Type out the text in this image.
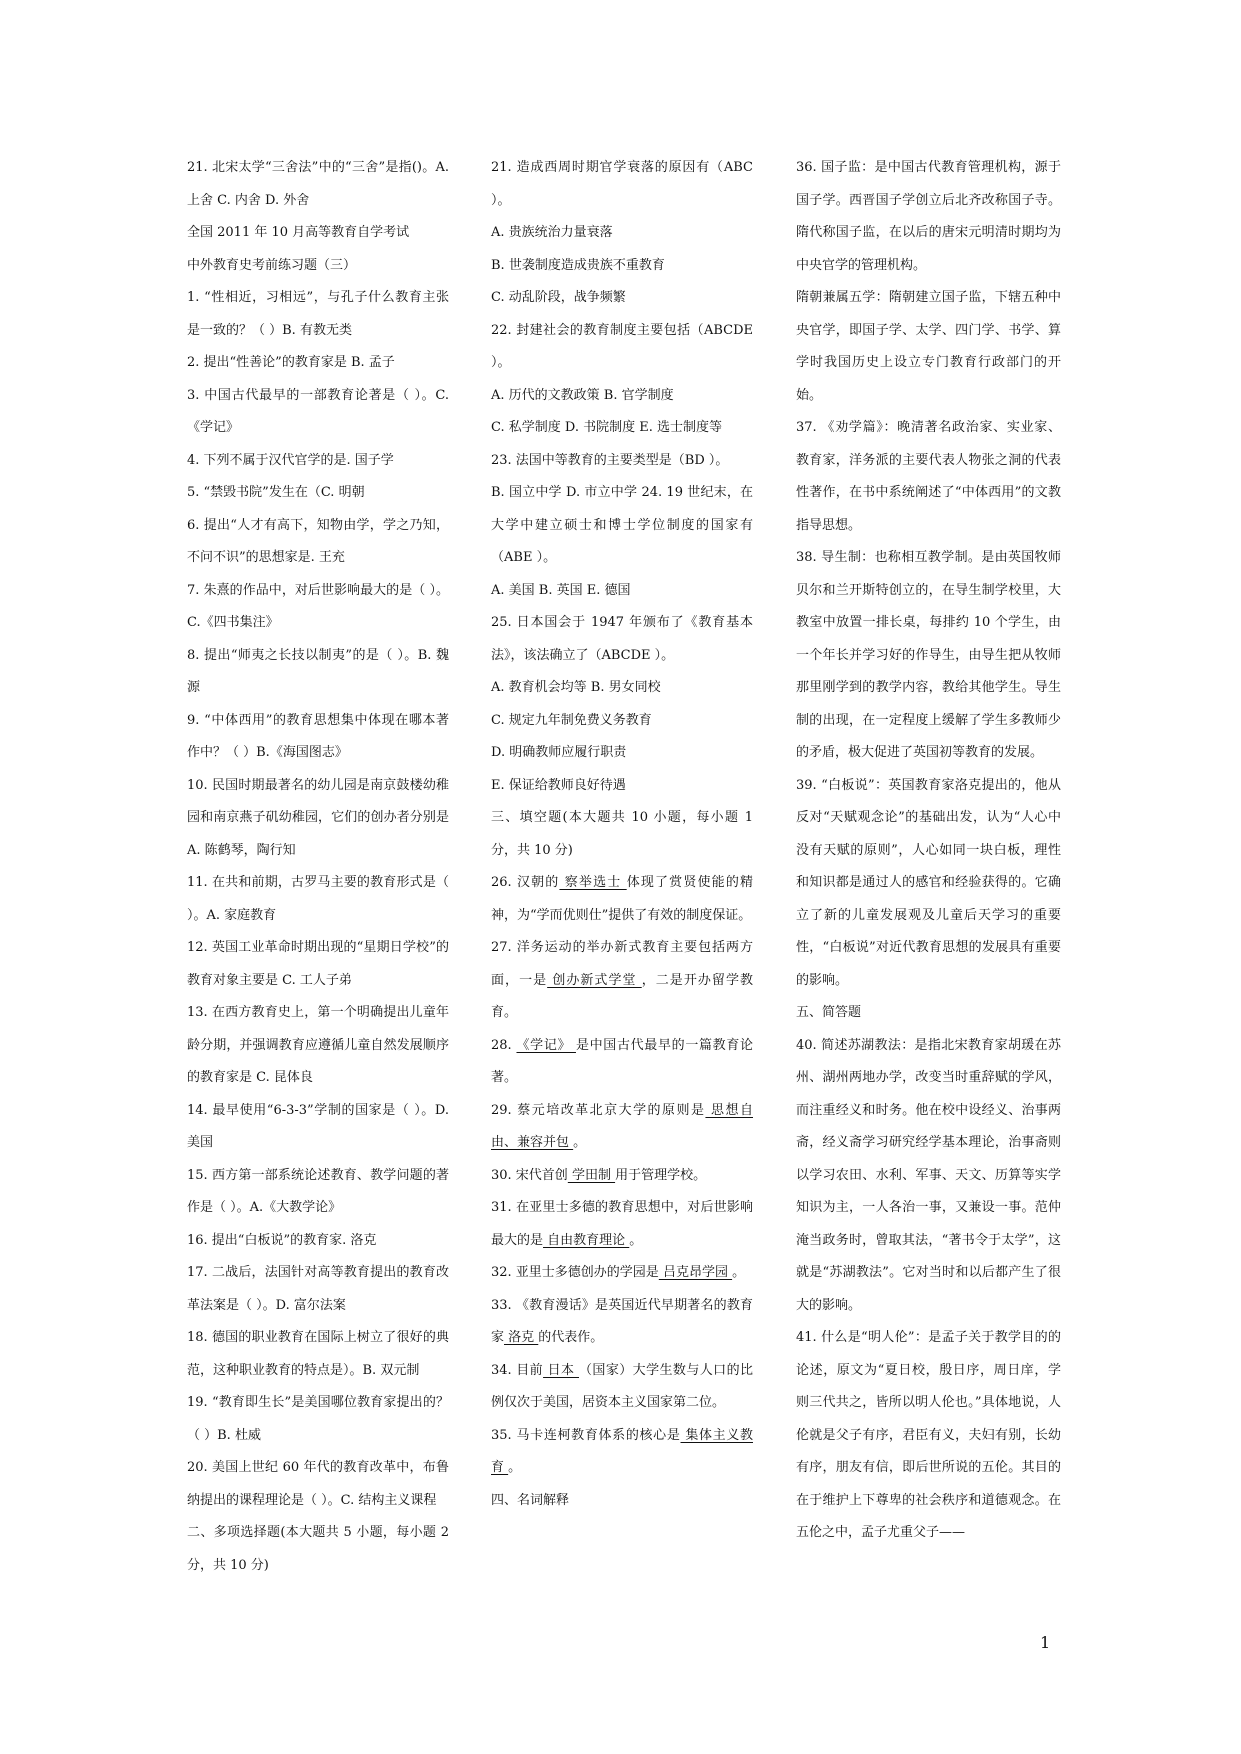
21. 北宋太学“三舍法”中的“三舍”是指()。A. 上舍 C. 内舍 D. 外舍

全国 2011 年 10 月高等教育自学考试

中外教育史考前练习题（三）

1. “性相近，习相远”，与孔子什么教育主张是一致的？（ ）B. 有教无类

2. 提出“性善论”的教育家是 B. 孟子

3. 中国古代最早的一部教育论著是（ ）。C.《学记》

4. 下列不属于汉代官学的是. 国子学

5. “禁毁书院”发生在（C. 明朝

6. 提出“人才有高下，知物由学，学之乃知，不问不识”的思想家是. 王充

7. 朱熹的作品中，对后世影响最大的是（ ）。C.《四书集注》

8. 提出“师夷之长技以制夷”的是（ ）。B. 魏源

9. “中体西用”的教育思想集中体现在哪本著作中？（ ）B.《海国图志》

10. 民国时期最著名的幼儿园是南京鼓楼幼稚园和南京燕子矶幼稚园，它们的创办者分别是 A. 陈鹤琴，陶行知

11. 在共和前期，古罗马主要的教育形式是（ ）。A. 家庭教育

12. 英国工业革命时期出现的“星期日学校”的教育对象主要是 C. 工人子弟

13. 在西方教育史上，第一个明确提出儿童年龄分期，并强调教育应遵循儿童自然发展顺序的教育家是 C. 昆体良

14. 最早使用“6-3-3”学制的国家是（ ）。D. 美国

15. 西方第一部系统论述教育、教学问题的著作是（ ）。A.《大教学论》

16. 提出“白板说”的教育家. 洛克

17. 二战后，法国针对高等教育提出的教育改革法案是（ ）。D. 富尔法案

18. 德国的职业教育在国际上树立了很好的典范，这种职业教育的特点是）。B. 双元制

19. “教育即生长”是美国哪位教育家提出的？（ ）B. 杜威

20. 美国上世纪 60 年代的教育改革中，布鲁纳提出的课程理论是（ ）。C. 结构主义课程

二、多项选择题(本大题共 5 小题，每小题 2 分，共 10 分)

21. 造成西周时期官学衰落的原因有（ABC ）。

A. 贵族统治力量衰落

B. 世袭制度造成贵族不重教育

C. 动乱阶段，战争频繁

22. 封建社会的教育制度主要包括（ABCDE ）。

A. 历代的文教政策 B. 官学制度

C. 私学制度 D. 书院制度 E. 选士制度等

23. 法国中等教育的主要类型是（BD ）。

B. 国立中学 D. 市立中学 24. 19 世纪末，在大学中建立硕士和博士学位制度的国家有（ABE ）。

A. 美国 B. 英国 E. 德国

25. 日本国会于 1947 年颁布了《教育基本法》，该法确立了（ABCDE ）。

A. 教育机会均等 B. 男女同校

C. 规定九年制免费义务教育

D. 明确教师应履行职责

E. 保证给教师良好待遇

三、填空题(本大题共 10 小题，每小题 1 分，共 10 分)

26. 汉朝的 察举选士 体现了赏贤使能的精神，为“学而优则仕”提供了有效的制度保证。

27. 洋务运动的举办新式教育主要包括两方面，一是 创办新式学堂 ，二是开办留学教育。

28. 《学记》 是中国古代最早的一篇教育论著。

29. 蔡元培改革北京大学的原则是 思想自由、兼容并包 。

30. 宋代首创 学田制 用于管理学校。

31. 在亚里士多德的教育思想中，对后世影响最大的是 自由教育理论 。

32. 亚里士多德创办的学园是 吕克昂学园 。

33. 《教育漫话》是英国近代早期著名的教育家 洛克 的代表作。

34. 目前 日本 （国家）大学生数与人口的比例仅次于美国，居资本主义国家第二位。

35. 马卡连柯教育体系的核心是 集体主义教育 。

四、名词解释

36. 国子监：是中国古代教育管理机构，源于国子学。西晋国子学创立后北齐改称国子寺。隋代称国子监，在以后的唐宋元明清时期均为中央官学的管理机构。

隋朝兼属五学：隋朝建立国子监，下辖五种中央官学，即国子学、太学、四门学、书学、算学时我国历史上设立专门教育行政部门的开始。

37. 《劝学篇》：晚清著名政治家、实业家、教育家，洋务派的主要代表人物张之洞的代表性著作，在书中系统阐述了“中体西用”的文教指导思想。

38. 导生制：也称相互教学制。是由英国牧师贝尔和兰开斯特创立的，在导生制学校里，大教室中放置一排长桌，每排约 10 个学生，由一个年长并学习好的作导生，由导生把从牧师那里刚学到的教学内容，教给其他学生。导生制的出现，在一定程度上缓解了学生多教师少的矛盾，极大促进了英国初等教育的发展。

39. “白板说”：英国教育家洛克提出的，他从反对“天赋观念论”的基础出发，认为“人心中没有天赋的原则”，人心如同一块白板，理性和知识都是通过人的感官和经验获得的。它确立了新的儿童发展观及儿童后天学习的重要性，“白板说”对近代教育思想的发展具有重要的影响。

五、简答题

40. 简述苏湖教法：是指北宋教育家胡瑗在苏州、湖州两地办学，改变当时重辞赋的学风，而注重经义和时务。他在校中设经义、治事两斋，经义斋学习研究经学基本理论，治事斋则以学习农田、水利、军事、天文、历算等实学知识为主，一人各治一事，又兼设一事。范仲淹当政务时，曾取其法，“著书令于太学”，这就是“苏湖教法”。它对当时和以后都产生了很大的影响。

41. 什么是“明人伦”：是孟子关于教学目的的论述，原文为“夏日校，殷日序，周日庠，学则三代共之，皆所以明人伦也。”具体地说，人伦就是父子有序，君臣有义，夫妇有别，长幼有序，朋友有信，即后世所说的五伦。其目的在于维护上下尊卑的社会秩序和道德观念。在五伦之中，孟子尤重父子——

1
